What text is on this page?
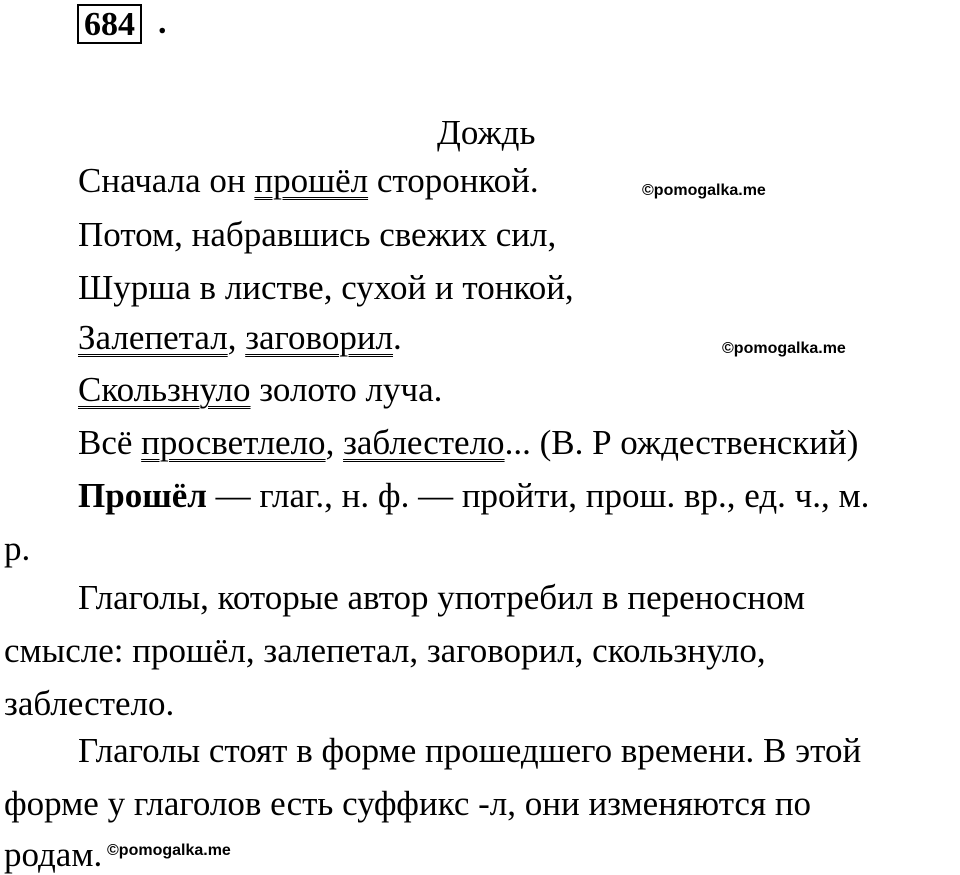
684 .
Дождь
Сначала он прошёл сторонкой.
Потом, набравшись свежих сил,
Шурша в листве, сухой и тонкой,
Залепетал, заговорил.
Скользнуло золото луча.
Всё просветлело, заблестело... (В. Р ождественский)
Прошёл — глаг., н. ф. — пройти, прош. вр., ед. ч., м.
р.
Глаголы, которые автор употребил в переносном
смысле: прошёл, залепетал, заговорил, скользнуло,
заблестело.
Глаголы стоят в форме прошедшего времени. В этой
форме у глаголов есть суффикс -л, они изменяются по
родам.
©pomogalka.me
©pomogalka.me
©pomogalka.me
